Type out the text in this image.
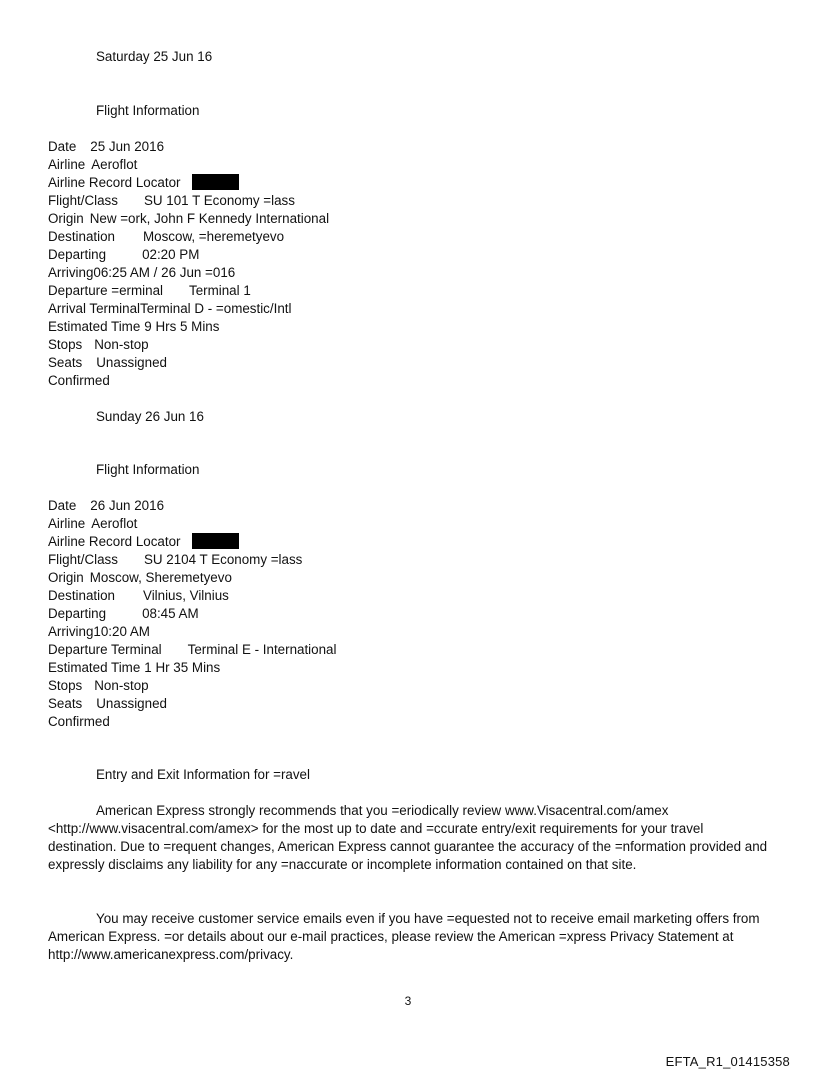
Saturday 25 Jun 16
Flight Information
Date 25 Jun 2016
Airline Aeroflot
Airline Record Locator
Flight/Class SU 101 T Economy =lass
Origin New =ork, John F Kennedy International
Destination Moscow, =heremetyevo
Departing	02:20 PM
Arriving06:25 AM / 26 Jun =016
Departure =erminal Terminal 1
Arrival TerminalTerminal D - =omestic/Intl
Estimated Time 9 Hrs 5 Mins
Stops Non-stop
Seats Unassigned
Confirmed
Sunday 26 Jun 16
Flight Information
Date 26 Jun 2016
Airline Aeroflot
Airline Record Locator
Flight/Class SU 2104 T Economy =lass
Origin Moscow, Sheremetyevo
Destination Vilnius, Vilnius
Departing	08:45 AM
Arriving10:20 AM
Departure Terminal Terminal E - International
Estimated Time 1 Hr 35 Mins
Stops Non-stop
Seats Unassigned
Confirmed
Entry and Exit Information for =ravel
American Express strongly recommends that you =eriodically review www.Visacentral.com/amex <http://www.visacentral.com/amex> for the most up to date and =ccurate entry/exit requirements for your travel destination. Due to =requent changes, American Express cannot guarantee the accuracy of the =nformation provided and expressly disclaims any liability for any =naccurate or incomplete information contained on that site.
You may receive customer service emails even if you have =equested not to receive email marketing offers from American Express. =or details about our e-mail practices, please review the American =xpress Privacy Statement at http://www.americanexpress.com/privacy.
3
EFTA_R1_01415358
